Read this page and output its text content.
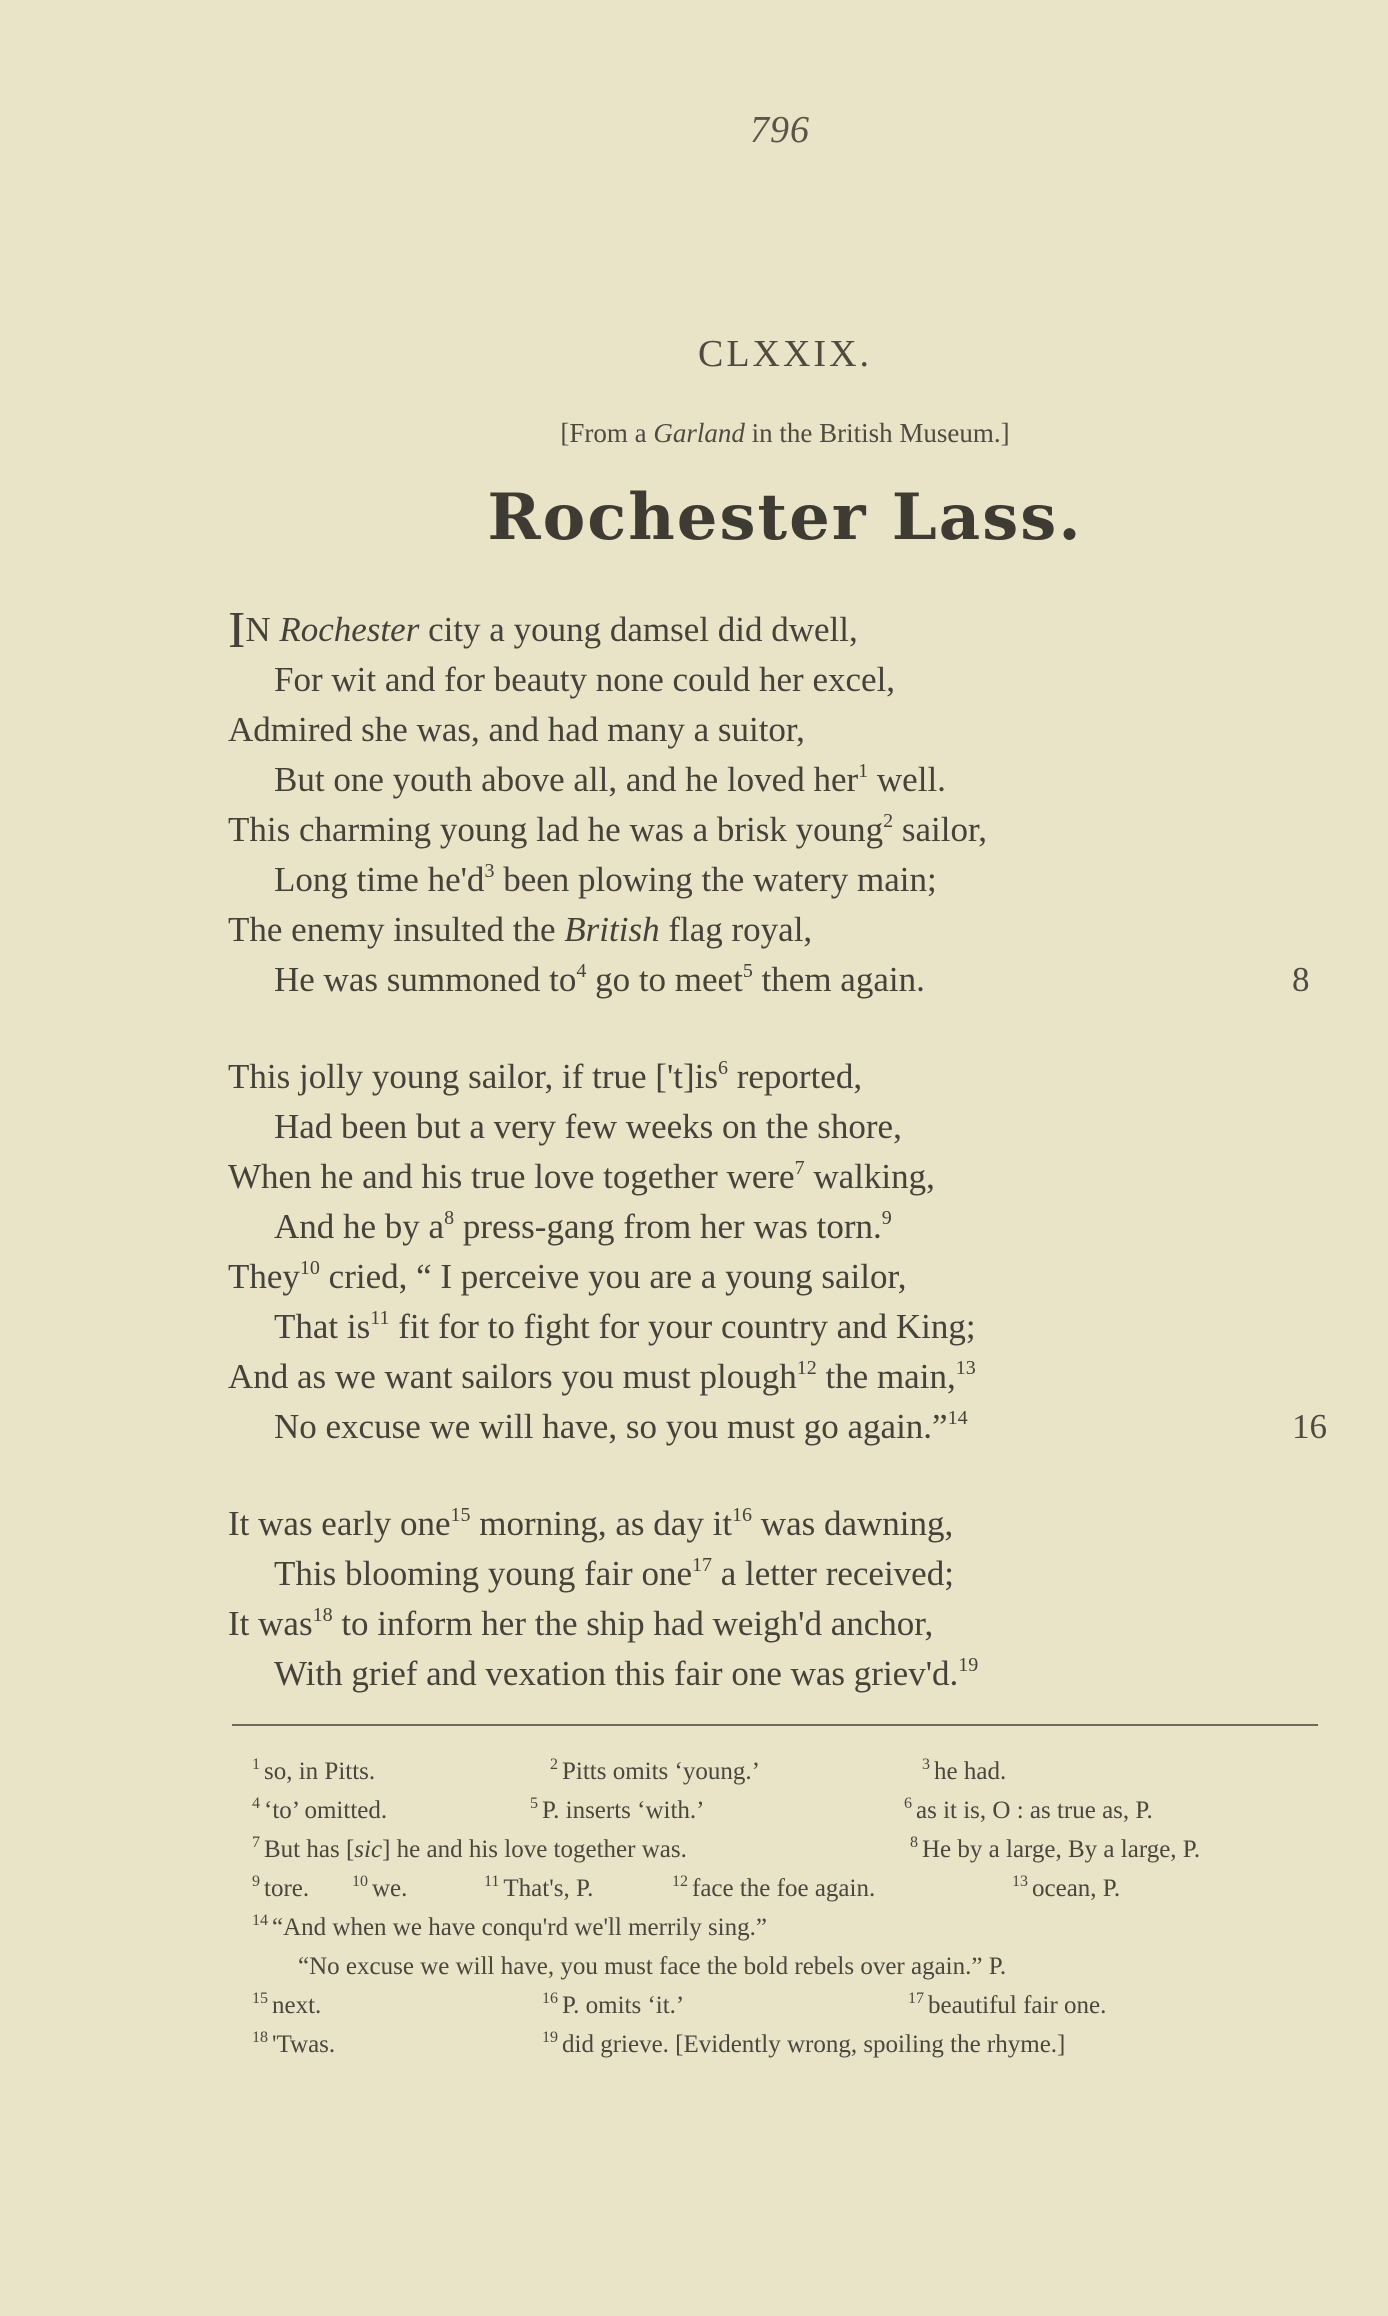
796
CLXXIX.
[From a Garland in the British Museum.]
Rochester Lass.
IN Rochester city a young damsel did dwell,
For wit and for beauty none could her excel,
Admired she was, and had many a suitor,
But one youth above all, and he loved her$^1$ well.
This charming young lad he was a brisk young$^2$ sailor,
Long time $he'd^3$ been plowing the watery main;
The enemy insulted the British flag royal,
He was summoned $to^4$ go to meet$^5$ them again.	8
This jolly young sailor, if true $['t]is^6$ reported,
Had been but a very few weeks on the shore,
When he and his true love together were$^7$ walking,
And he by $a^8$ press-gang from her was torn.$^9$
They$^{10}$ cried, “ I perceive you are a young sailor,
That $is^{11}$ fit for to fight for your country and King;
And as we want sailors you must plough$^{12}$ the main,$^{13}$
No excuse we will have, so you must go again.”$^{14}$	16
It was early one$^{15}$ morning, as day $it^{16}$ was dawning,
This blooming young fair one$^{17}$ a letter received;
It was$^{18}$ to inform her the ship had weigh'd anchor,
With grief and vexation this fair one was griev'd.$^{19}$
$^1$ so, in Pitts.	$^2$ Pitts omits ‘young.’	$^3$ he had.
$^4$ ‘to’ omitted.	$^5$ P. inserts ‘with.’	$^6$ as it is, O : as true as, P.
$^7$ But has [sic] he and his love together was.	$^8$ He by a large, By a large, P.
$^9$ tore.	$^{10}$ we.	$^{11}$ That's, P.	$^{12}$ face the foe again.	$^{13}$ ocean, P.
$^{14}$ “And when we have conqu'rd we'll merrily sing.”
“No excuse we will have, you must face the bold rebels over again.” P.
$^{15}$ next.	$^{16}$ P. omits ‘it.’	$^{17}$ beautiful fair one.
$^{18}$ 'Twas.	$^{19}$ did grieve. [Evidently wrong, spoiling the rhyme.]
